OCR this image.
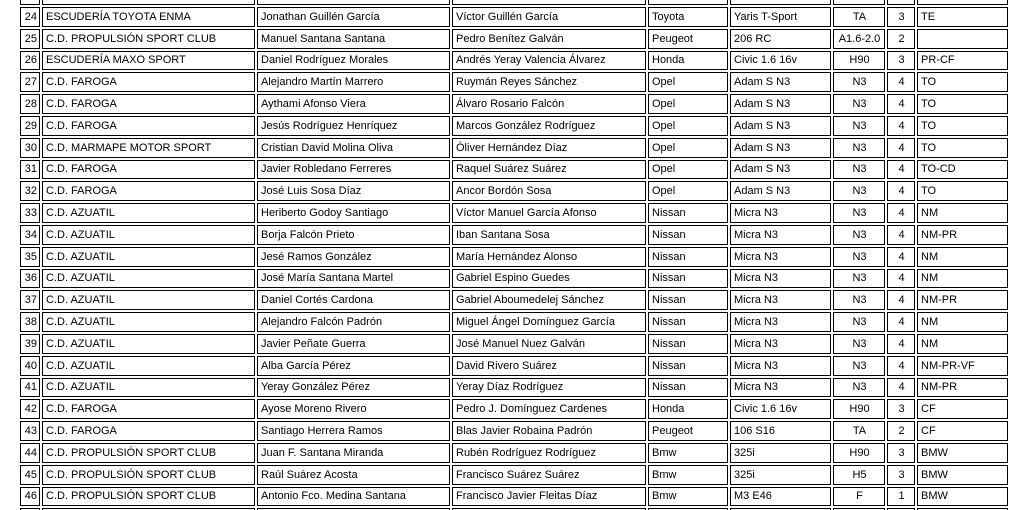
24	ESCUDERÍA TOYOTA ENMA	Jonathan Guillén García	Víctor Guillén García	Toyota	Yaris T-Sport	TA	3	TE
25	C.D. PROPULSIÓN SPORT CLUB	Manuel Santana Santana	Pedro Benítez Galván	Peugeot	206 RC	A1.6-2.0	2	
26	ESCUDERÍA MAXO SPORT	Daniel Rodríguez Morales	Andrés Yeray Valencia Álvarez	Honda	Civic 1.6 16v	H90	3	PR-CF
27	C.D. FAROGA	Alejandro Martín Marrero	Ruymán Reyes Sánchez	Opel	Adam S N3	N3	4	TO
28	C.D. FAROGA	Aythami Afonso Viera	Álvaro Rosario Falcón	Opel	Adam S N3	N3	4	TO
29	C.D. FAROGA	Jesús Rodríguez Henríquez	Marcos González Rodríguez	Opel	Adam S N3	N3	4	TO
30	C.D. MARMAPE MOTOR SPORT	Cristian David Molina Oliva	Óliver Hernández Díaz	Opel	Adam S N3	N3	4	TO
31	C.D. FAROGA	Javier Robledano Ferreres	Raquel Suárez Suárez	Opel	Adam S N3	N3	4	TO-CD
32	C.D. FAROGA	José Luis Sosa Díaz	Ancor Bordón Sosa	Opel	Adam S N3	N3	4	TO
33	C.D. AZUATIL	Heriberto Godoy Santiago	Víctor Manuel García Afonso	Nissan	Micra N3	N3	4	NM
34	C.D. AZUATIL	Borja Falcón Prieto	Iban Santana Sosa	Nissan	Micra N3	N3	4	NM-PR
35	C.D. AZUATIL	Jesé Ramos González	María Hernández Alonso	Nissan	Micra N3	N3	4	NM
36	C.D. AZUATIL	José María Santana Martel	Gabriel Espino Guedes	Nissan	Micra N3	N3	4	NM
37	C.D. AZUATIL	Daniel Cortés Cardona	Gabriel Aboumedelej Sánchez	Nissan	Micra N3	N3	4	NM-PR
38	C.D. AZUATIL	Alejandro Falcón Padrón	Miguel Ángel Domínguez García	Nissan	Micra N3	N3	4	NM
39	C.D. AZUATIL	Javier Peñate Guerra	José Manuel Nuez Galván	Nissan	Micra N3	N3	4	NM
40	C.D. AZUATIL	Alba García Pérez	David Rivero Suárez	Nissan	Micra N3	N3	4	NM-PR-VF
41	C.D. AZUATIL	Yeray González Pérez	Yeray Díaz Rodríguez	Nissan	Micra N3	N3	4	NM-PR
42	C.D. FAROGA	Ayose Moreno Rivero	Pedro J. Domínguez Cardenes	Honda	Civic 1.6 16v	H90	3	CF
43	C.D. FAROGA	Santiago Herrera Ramos	Blas Javier Robaina Padrón	Peugeot	106 S16	TA	2	CF
44	C.D. PROPULSIÓN SPORT CLUB	Juan F. Santana Miranda	Rubén Rodríguez Rodríguez	Bmw	325i	H90	3	BMW
45	C.D. PROPULSIÓN SPORT CLUB	Raúl Suárez Acosta	Francisco Suárez Suárez	Bmw	325i	H5	3	BMW
46	C.D. PROPULSIÓN SPORT CLUB	Antonio Fco. Medina Santana	Francisco Javier Fleitas Díaz	Bmw	M3 E46	F	1	BMW
